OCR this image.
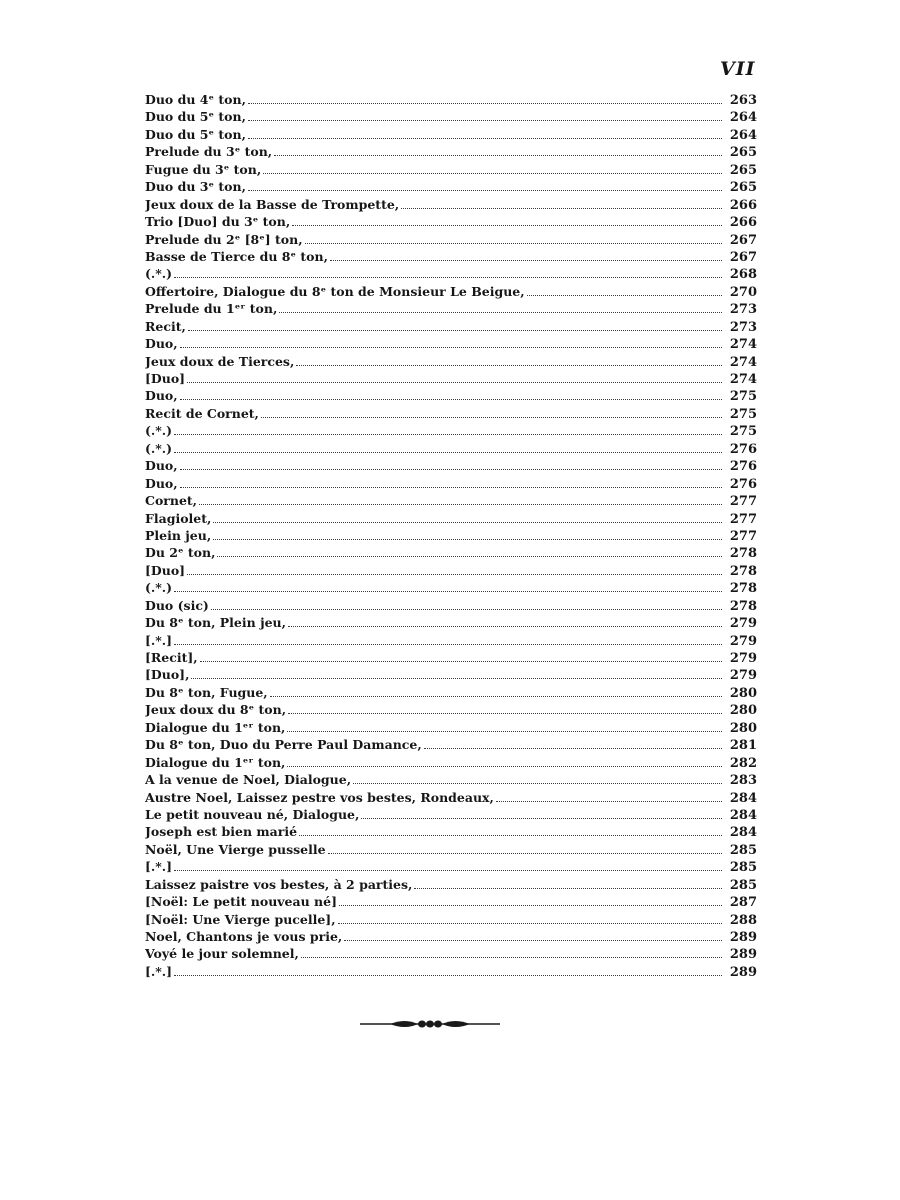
VII
Duo du 4ᵉ ton,	263
Duo du 5ᵉ ton,	264
Duo du 5ᵉ ton,	264
Prelude du 3ᵉ ton,	265
Fugue du 3ᵉ ton,	265
Duo du 3ᵉ ton,	265
Jeux doux de la Basse de Trompette,	266
Trio [Duo] du 3ᵉ ton,	266
Prelude du 2ᵉ [8ᵉ] ton,	267
Basse de Tierce du 8ᵉ ton,	267
(.*.)	268
Offertoire, Dialogue du 8ᵉ ton de Monsieur Le Beigue,	270
Prelude du 1ᵉʳ ton,	273
Recit,	273
Duo,	274
Jeux doux de Tierces,	274
[Duo]	274
Duo,	275
Recit de Cornet,	275
(.*.)	275
(.*.)	276
Duo,	276
Duo,	276
Cornet,	277
Flagiolet,	277
Plein jeu,	277
Du 2ᵉ ton,	278
[Duo]	278
(.*.)	278
Duo (sic)	278
Du 8ᵉ ton, Plein jeu,	279
[.*.]	279
[Recit],	279
[Duo],	279
Du 8ᵉ ton, Fugue,	280
Jeux doux du 8ᵉ ton,	280
Dialogue du 1ᵉʳ ton,	280
Du 8ᵉ ton, Duo du Perre Paul Damance,	281
Dialogue du 1ᵉʳ ton,	282
A la venue de Noel, Dialogue,	283
Austre Noel, Laissez pestre vos bestes, Rondeaux,	284
Le petit nouveau né, Dialogue,	284
Joseph est bien marié	284
Noël, Une Vierge pusselle	285
[.*.]	285
Laissez paistre vos bestes, à 2 parties,	285
[Noël: Le petit nouveau né]	287
[Noël: Une Vierge pucelle],	288
Noel, Chantons je vous prie,	289
Voyé le jour solemnel,	289
[.*.]	289
